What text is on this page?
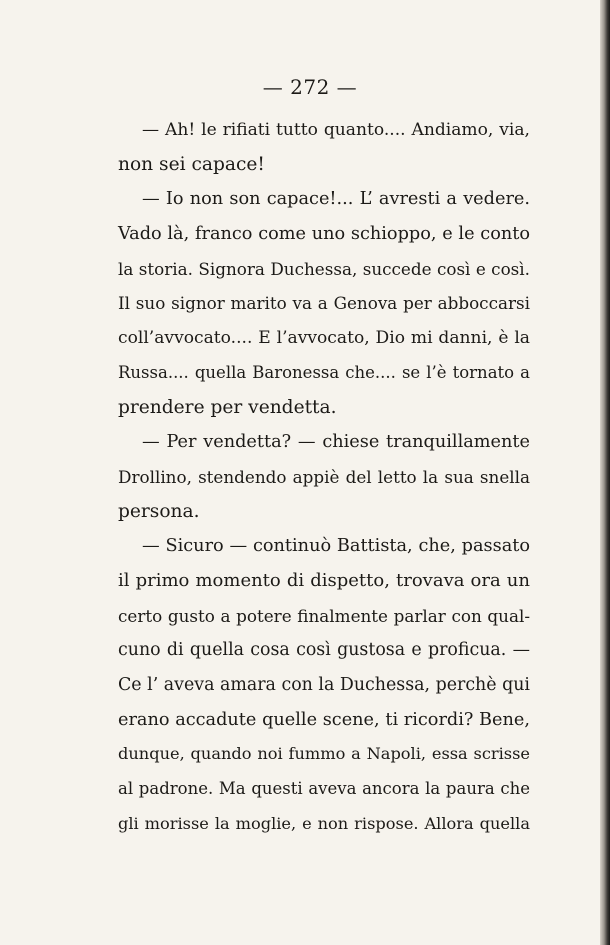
— 272 —
— Ah! le rifiati tutto quanto.... Andiamo, via,
non sei capace!
— Io non son capace!... L’ avresti a vedere.
Vado là, franco come uno schioppo, e le conto
la storia. Signora Duchessa, succede così e così.
Il suo signor marito va a Genova per abboccarsi
coll’avvocato.... E l’avvocato, Dio mi danni, è la
Russa.... quella Baronessa che.... se l’è tornato a
prendere per vendetta.
— Per vendetta? — chiese tranquillamente
Drollino, stendendo appiè del letto la sua snella
persona.
— Sicuro — continuò Battista, che, passato
il primo momento di dispetto, trovava ora un
certo gusto a potere finalmente parlar con qual-
cuno di quella cosa così gustosa e proficua. —
Ce l’ aveva amara con la Duchessa, perchè qui
erano accadute quelle scene, ti ricordi? Bene,
dunque, quando noi fummo a Napoli, essa scrisse
al padrone. Ma questi aveva ancora la paura che
gli morisse la moglie, e non rispose. Allora quella
